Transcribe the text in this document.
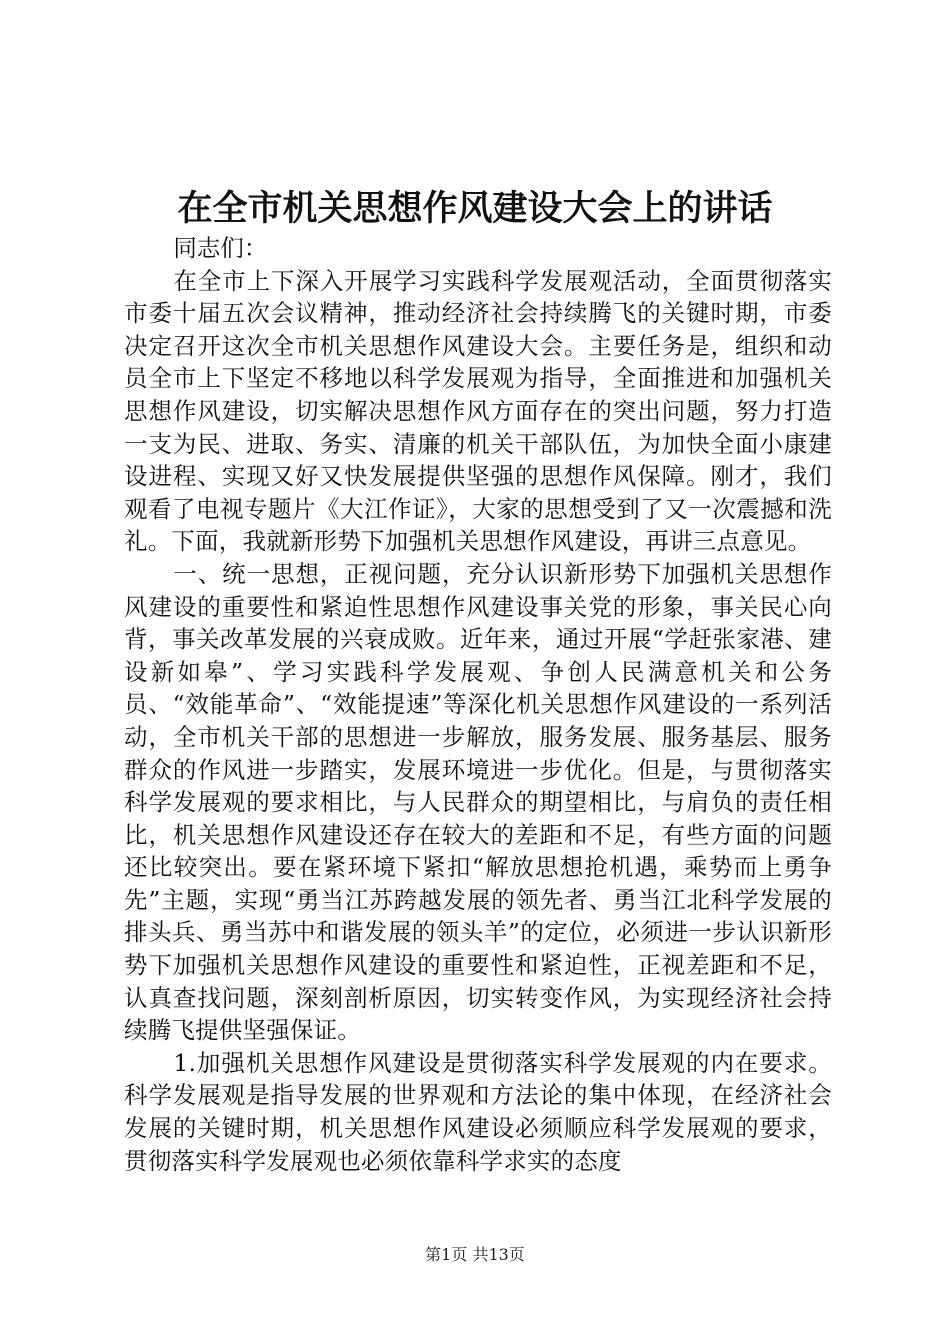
在全市机关思想作风建设大会上的讲话

同志们：

在全市上下深入开展学习实践科学发展观活动，全面贯彻落实市委十届五次会议精神，推动经济社会持续腾飞的关键时期，市委决定召开这次全市机关思想作风建设大会。主要任务是，组织和动员全市上下坚定不移地以科学发展观为指导，全面推进和加强机关思想作风建设，切实解决思想作风方面存在的突出问题，努力打造一支为民、进取、务实、清廉的机关干部队伍，为加快全面小康建设进程、实现又好又快发展提供坚强的思想作风保障。刚才，我们观看了电视专题片《大江作证》，大家的思想受到了又一次震撼和洗礼。下面，我就新形势下加强机关思想作风建设，再讲三点意见。

一、统一思想，正视问题，充分认识新形势下加强机关思想作风建设的重要性和紧迫性思想作风建设事关党的形象，事关民心向背，事关改革发展的兴衰成败。近年来，通过开展“学赶张家港、建设新如皋”、学习实践科学发展观、争创人民满意机关和公务员、“效能革命”、“效能提速”等深化机关思想作风建设的一系列活动，全市机关干部的思想进一步解放，服务发展、服务基层、服务群众的作风进一步踏实，发展环境进一步优化。但是，与贯彻落实科学发展观的要求相比，与人民群众的期望相比，与肩负的责任相比，机关思想作风建设还存在较大的差距和不足，有些方面的问题还比较突出。要在紧环境下紧扣“解放思想抢机遇，乘势而上勇争先”主题，实现“勇当江苏跨越发展的领先者、勇当江北科学发展的排头兵、勇当苏中和谐发展的领头羊”的定位，必须进一步认识新形势下加强机关思想作风建设的重要性和紧迫性，正视差距和不足，认真查找问题，深刻剖析原因，切实转变作风，为实现经济社会持续腾飞提供坚强保证。

1.加强机关思想作风建设是贯彻落实科学发展观的内在要求。科学发展观是指导发展的世界观和方法论的集中体现，在经济社会发展的关键时期，机关思想作风建设必须顺应科学发展观的要求，贯彻落实科学发展观也必须依靠科学求实的态度

第1页 共13页
